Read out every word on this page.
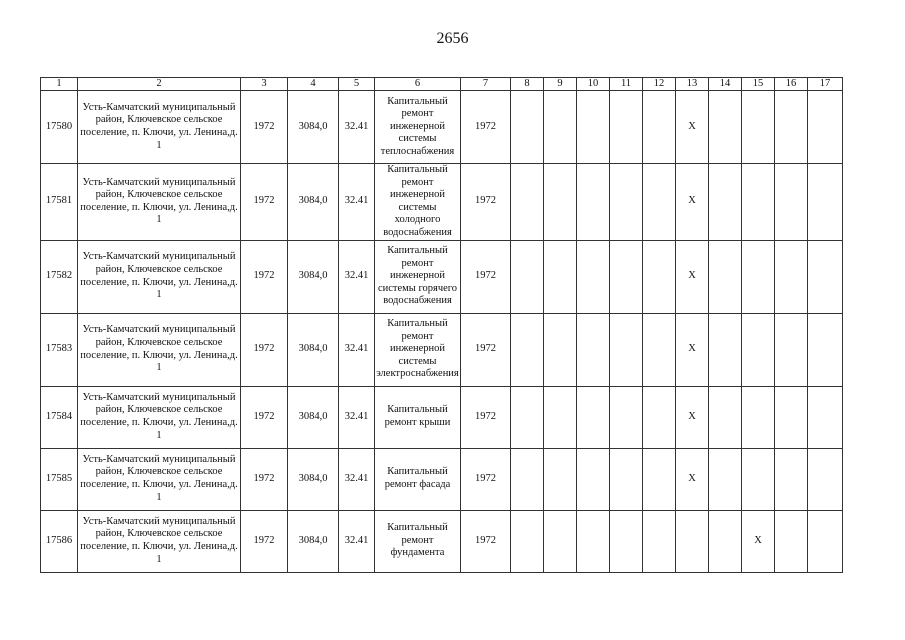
2656
1	2	3	4	5	6	7	8	9	10	11	12	13	14	15	16	17
17580	Усть-Камчатский муниципальный район, Ключевское сельское поселение, п. Ключи, ул. Ленина,д. 1	1972	3084,0	32.41	Капитальный ремонт инженерной системы теплоснабжения	1972						X				
17581	Усть-Камчатский муниципальный район, Ключевское сельское поселение, п. Ключи, ул. Ленина,д. 1	1972	3084,0	32.41	Капитальный ремонт инженерной системы холодного водоснабжения	1972						X				
17582	Усть-Камчатский муниципальный район, Ключевское сельское поселение, п. Ключи, ул. Ленина,д. 1	1972	3084,0	32.41	Капитальный ремонт инженерной системы горячего водоснабжения	1972						X				
17583	Усть-Камчатский муниципальный район, Ключевское сельское поселение, п. Ключи, ул. Ленина,д. 1	1972	3084,0	32.41	Капитальный ремонт инженерной системы электроснабжения	1972						X				
17584	Усть-Камчатский муниципальный район, Ключевское сельское поселение, п. Ключи, ул. Ленина,д. 1	1972	3084,0	32.41	Капитальный ремонт крыши	1972						X				
17585	Усть-Камчатский муниципальный район, Ключевское сельское поселение, п. Ключи, ул. Ленина,д. 1	1972	3084,0	32.41	Капитальный ремонт фасада	1972						X				
17586	Усть-Камчатский муниципальный район, Ключевское сельское поселение, п. Ключи, ул. Ленина,д. 1	1972	3084,0	32.41	Капитальный ремонт фундамента	1972								X		
